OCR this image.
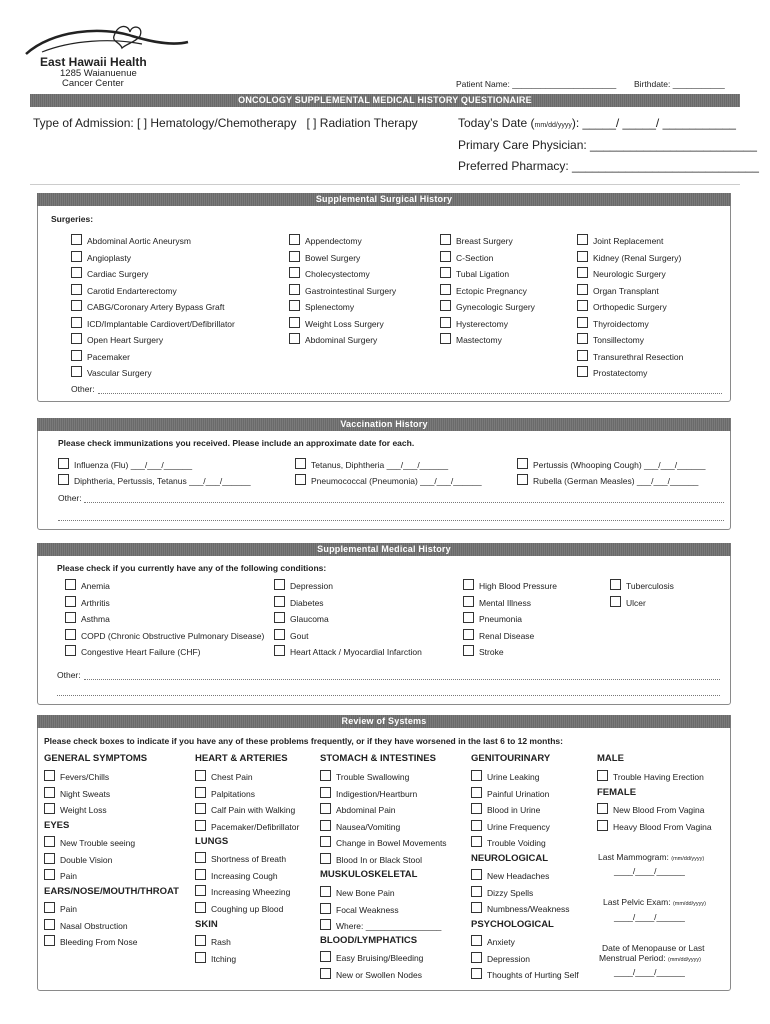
East Hawaii Health
1285 Waianuenue
Cancer Center	Patient Name: ______________________ Birthdate: ___________
ONCOLOGY SUPPLEMENTAL MEDICAL HISTORY QUESTIONAIRE
Type of Admission: [ ] Hematology/Chemotherapy   [ ] Radiation Therapy	Today’s Date (mm/dd/yyyy): _____/ _____/ ___________
Primary Care Physician: _________________________
Preferred Pharmacy: ____________________________
Supplemental Surgical History
Surgeries:
Abdominal Aortic Aneurysm
Angioplasty
Cardiac Surgery
Carotid Endarterectomy
CABG/Coronary Artery Bypass Graft
ICD/Implantable Cardiovert/Defibrillator
Open Heart Surgery
Pacemaker
Vascular Surgery
Appendectomy
Bowel Surgery
Cholecystectomy
Gastrointestinal Surgery
Splenectomy
Weight Loss Surgery
Abdominal Surgery
Breast Surgery
C-Section
Tubal Ligation
Ectopic Pregnancy
Gynecologic Surgery
Hysterectomy
Mastectomy
Joint Replacement
Kidney (Renal Surgery)
Neurologic Surgery
Organ Transplant
Orthopedic Surgery
Thyroidectomy
Tonsillectomy
Transurethral Resection
Prostatectomy
Other:
Vaccination History
Please check immunizations you received. Please include an approximate date for each.
Influenza (Flu) ___/___/______	Tetanus, Diphtheria ___/___/______	Pertussis (Whooping Cough) ___/___/______
Diphtheria, Pertussis, Tetanus ___/___/______	Pneumococcal (Pneumonia) ___/___/______	Rubella (German Measles) ___/___/______
Other:
Supplemental Medical History
Please check if you currently have any of the following conditions:
Anemia
Arthritis
Asthma
COPD (Chronic Obstructive Pulmonary Disease)
Congestive Heart Failure (CHF)
Depression
Diabetes
Glaucoma
Gout
Heart Attack / Myocardial Infarction
High Blood Pressure
Mental Illness
Pneumonia
Renal Disease
Stroke
Tuberculosis
Ulcer
Other:
Review of Systems
Please check boxes to indicate if you have any of these problems frequently, or if they have worsened in the last 6 to 12 months:
GENERAL SYMPTOMS
Fevers/Chills
Night Sweats
Weight Loss
EYES
New Trouble seeing
Double Vision
Pain
EARS/NOSE/MOUTH/THROAT
Pain
Nasal Obstruction
Bleeding From Nose
HEART & ARTERIES
Chest Pain
Palpitations
Calf Pain with Walking
Pacemaker/Defibrillator
LUNGS
Shortness of Breath
Increasing Cough
Increasing Wheezing
Coughing up Blood
SKIN
Rash
Itching
STOMACH & INTESTINES
Trouble Swallowing
Indigestion/Heartburn
Abdominal Pain
Nausea/Vomiting
Change in Bowel Movements
Blood In or Black Stool
MUSKULOSKELETAL
New Bone Pain
Focal Weakness
Where: ________________
BLOOD/LYMPHATICS
Easy Bruising/Bleeding
New or Swollen Nodes
GENITOURINARY
Urine Leaking
Painful Urination
Blood in Urine
Urine Frequency
Trouble Voiding
NEUROLOGICAL
New Headaches
Dizzy Spells
Numbness/Weakness
PSYCHOLOGICAL
Anxiety
Depression
Thoughts of Hurting Self
MALE
Trouble Having Erection
FEMALE
New Blood From Vagina
Heavy Blood From Vagina
Last Mammogram: (mm/dd/yyyy)
____/____/______
Last Pelvic Exam: (mm/dd/yyyy)
____/____/______
Date of Menopause or Last
Menstrual Period: (mm/dd/yyyy)
____/____/______
